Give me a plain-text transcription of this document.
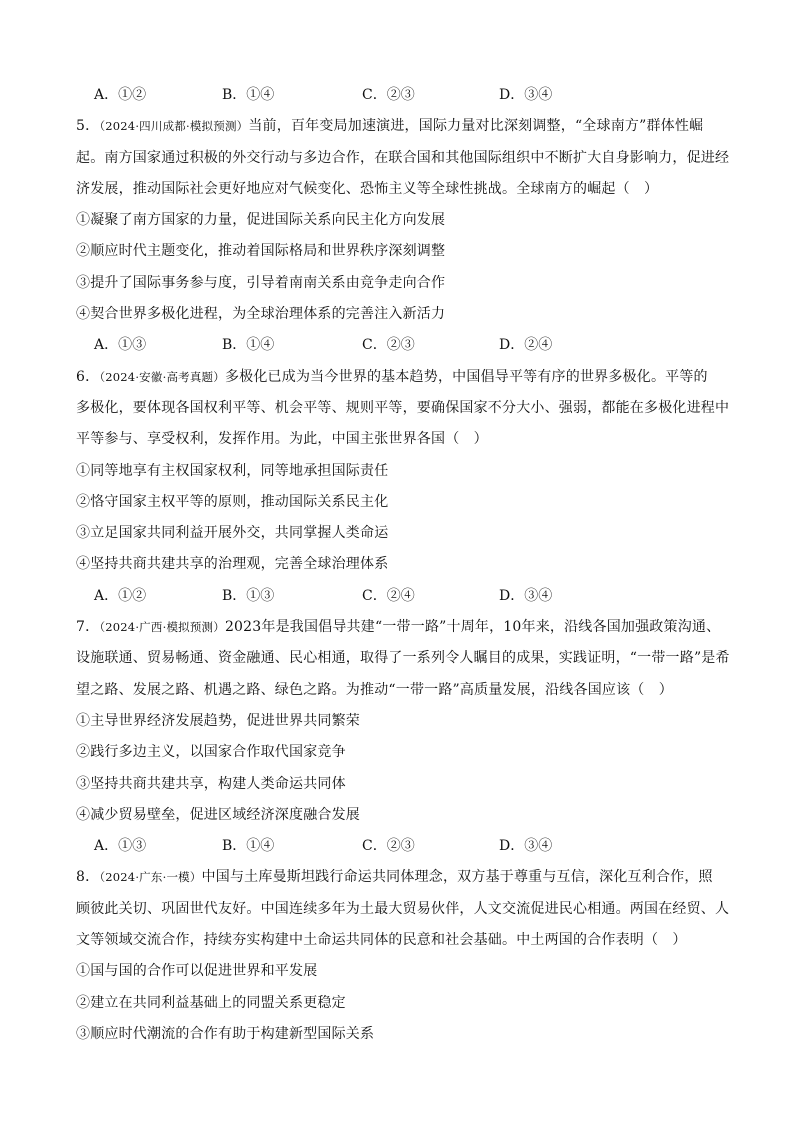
A．①②	B．①④	C．②③	D．③④
5．（2024·四川成都·模拟预测）当前，百年变局加速演进，国际力量对比深刻调整，“全球南方”群体性崛
起。南方国家通过积极的外交行动与多边合作，在联合国和其他国际组织中不断扩大自身影响力，促进经
济发展，推动国际社会更好地应对气候变化、恐怖主义等全球性挑战。全球南方的崛起（　）
①凝聚了南方国家的力量，促进国际关系向民主化方向发展
②顺应时代主题变化，推动着国际格局和世界秩序深刻调整
③提升了国际事务参与度，引导着南南关系由竞争走向合作
④契合世界多极化进程，为全球治理体系的完善注入新活力
A．①③	B．①④	C．②③	D．②④
6．（2024·安徽·高考真题）多极化已成为当今世界的基本趋势，中国倡导平等有序的世界多极化。平等的
多极化，要体现各国权利平等、机会平等、规则平等，要确保国家不分大小、强弱，都能在多极化进程中
平等参与、享受权利，发挥作用。为此，中国主张世界各国（　）
①同等地享有主权国家权利，同等地承担国际责任
②恪守国家主权平等的原则，推动国际关系民主化
③立足国家共同利益开展外交，共同掌握人类命运
④坚持共商共建共享的治理观，完善全球治理体系
A．①②	B．①③	C．②④	D．③④
7．（2024·广西·模拟预测）2023年是我国倡导共建“一带一路”十周年，10年来，沿线各国加强政策沟通、
设施联通、贸易畅通、资金融通、民心相通，取得了一系列令人瞩目的成果，实践证明，“一带一路”是希
望之路、发展之路、机遇之路、绿色之路。为推动“一带一路”高质量发展，沿线各国应该（　）
①主导世界经济发展趋势，促进世界共同繁荣
②践行多边主义，以国家合作取代国家竞争
③坚持共商共建共享，构建人类命运共同体
④减少贸易壁垒，促进区域经济深度融合发展
A．①③	B．①④	C．②③	D．③④
8．（2024·广东·一模）中国与土库曼斯坦践行命运共同体理念，双方基于尊重与互信，深化互利合作，照
顾彼此关切、巩固世代友好。中国连续多年为土最大贸易伙伴，人文交流促进民心相通。两国在经贸、人
文等领域交流合作，持续夯实构建中土命运共同体的民意和社会基础。中土两国的合作表明（　）
①国与国的合作可以促进世界和平发展
②建立在共同利益基础上的同盟关系更稳定
③顺应时代潮流的合作有助于构建新型国际关系
